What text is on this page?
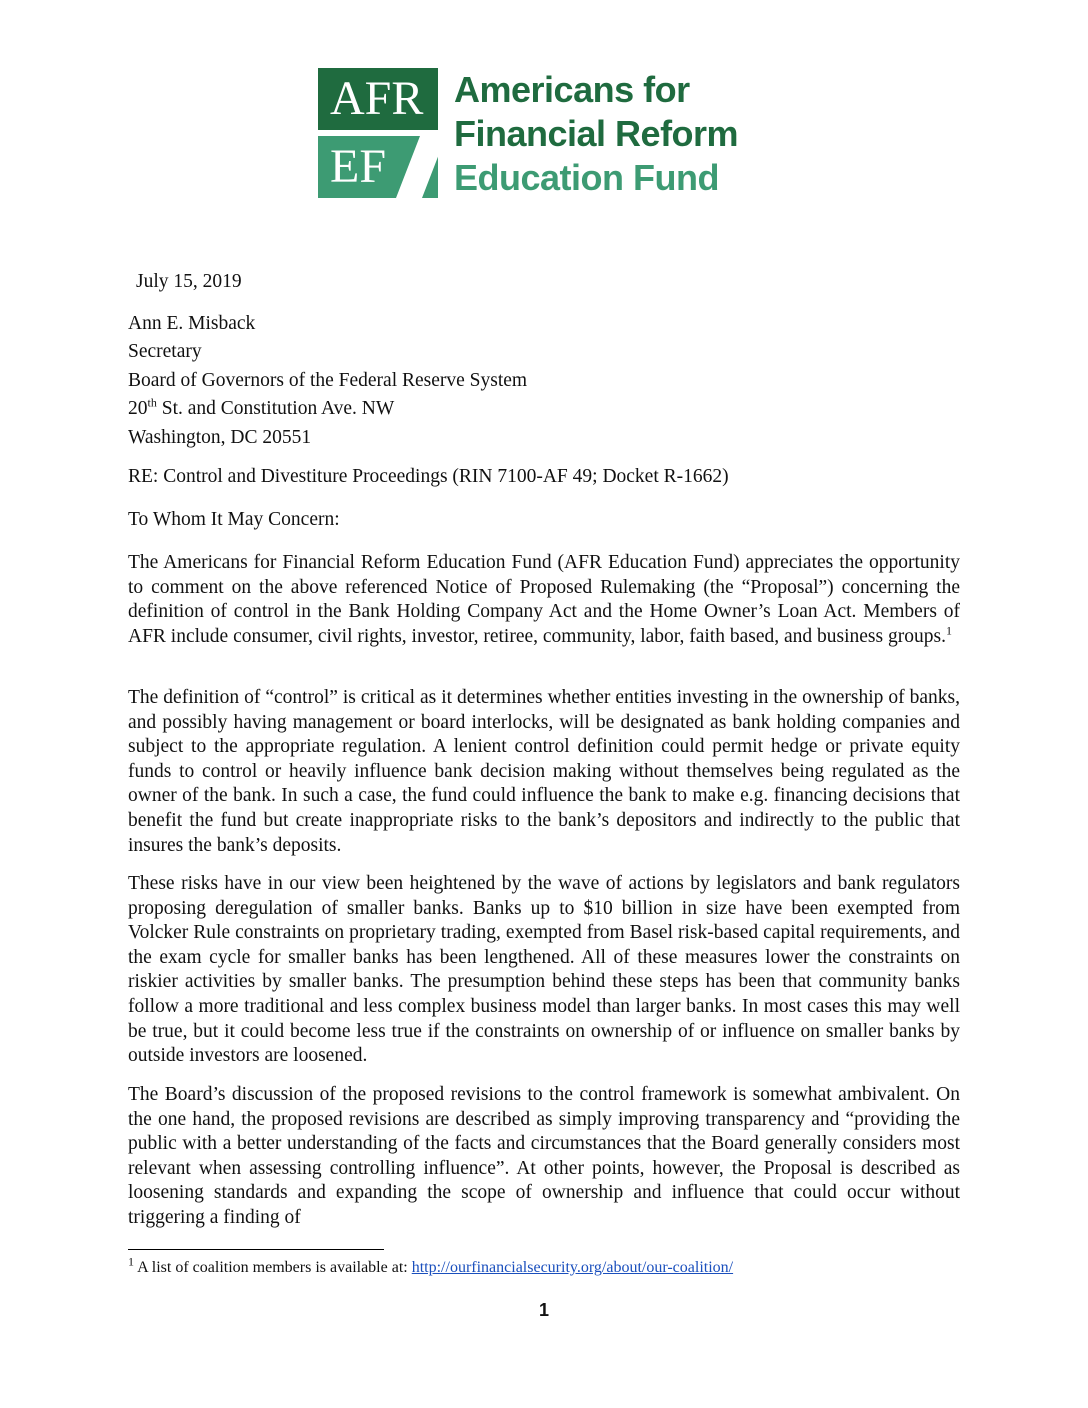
AFR
EF
Americans for
Financial Reform
Education Fund
July 15, 2019
Ann E. Misback
Secretary
Board of Governors of the Federal Reserve System
20th St. and Constitution Ave. NW
Washington, DC 20551
RE: Control and Divestiture Proceedings (RIN 7100-AF 49; Docket R-1662)
To Whom It May Concern:
The Americans for Financial Reform Education Fund (AFR Education Fund) appreciates the opportunity to comment on the above referenced Notice of Proposed Rulemaking (the “Proposal”) concerning the definition of control in the Bank Holding Company Act and the Home Owner’s Loan Act. Members of AFR include consumer, civil rights, investor, retiree, community, labor, faith based, and business groups.$^1$
The definition of “control” is critical as it determines whether entities investing in the ownership of banks, and possibly having management or board interlocks, will be designated as bank holding companies and subject to the appropriate regulation. A lenient control definition could permit hedge or private equity funds to control or heavily influence bank decision making without themselves being regulated as the owner of the bank. In such a case, the fund could influence the bank to make e.g. financing decisions that benefit the fund but create inappropriate risks to the bank’s depositors and indirectly to the public that insures the bank’s deposits.
These risks have in our view been heightened by the wave of actions by legislators and bank regulators proposing deregulation of smaller banks. Banks up to $10 billion in size have been exempted from Volcker Rule constraints on proprietary trading, exempted from Basel risk-based capital requirements, and the exam cycle for smaller banks has been lengthened. All of these measures lower the constraints on riskier activities by smaller banks. The presumption behind these steps has been that community banks follow a more traditional and less complex business model than larger banks. In most cases this may well be true, but it could become less true if the constraints on ownership of or influence on smaller banks by outside investors are loosened.
The Board’s discussion of the proposed revisions to the control framework is somewhat ambivalent. On the one hand, the proposed revisions are described as simply improving transparency and “providing the public with a better understanding of the facts and circumstances that the Board generally considers most relevant when assessing controlling influence”. At other points, however, the Proposal is described as loosening standards and expanding the scope of ownership and influence that could occur without triggering a finding of
$^1$ A list of coalition members is available at: http://ourfinancialsecurity.org/about/our-coalition/
1
